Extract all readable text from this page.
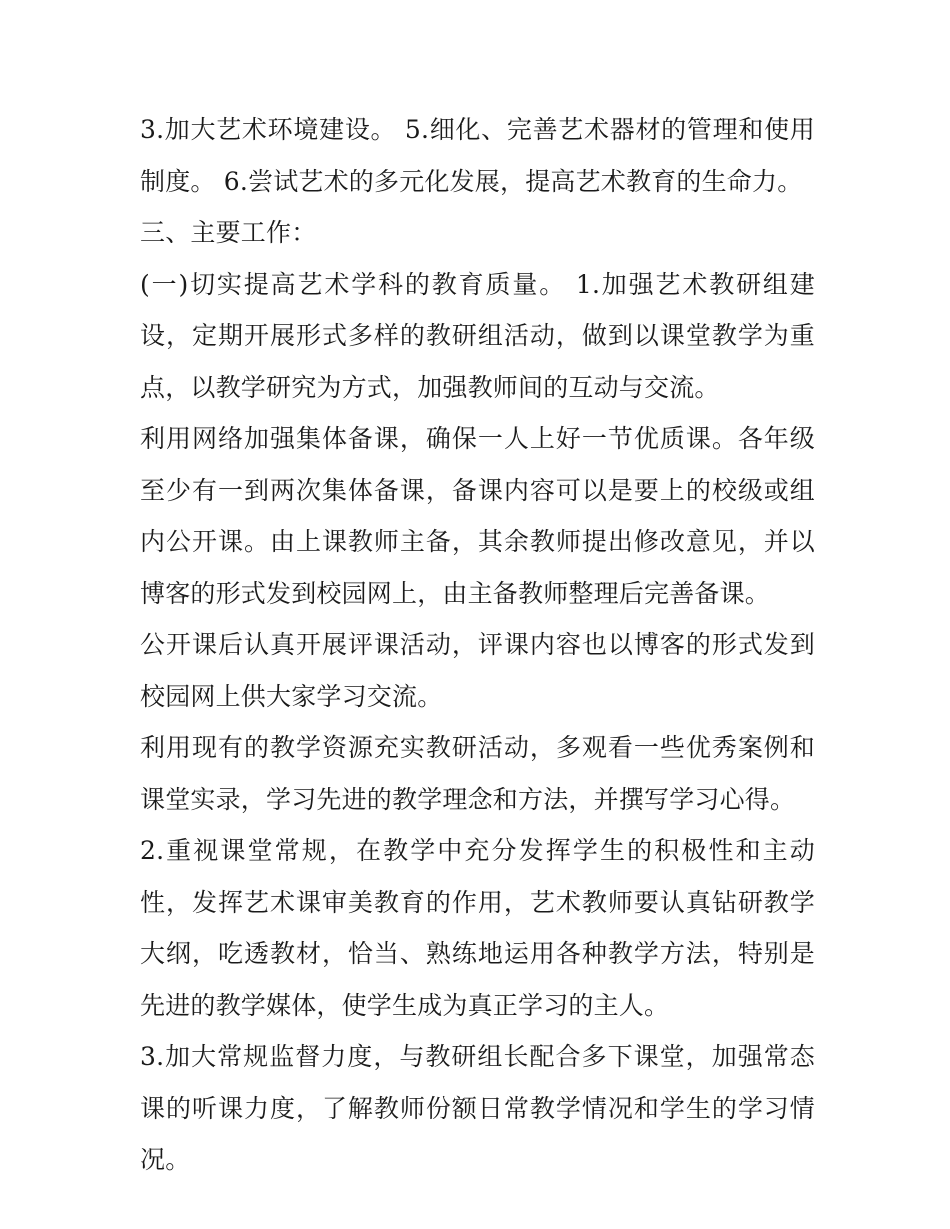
3.加大艺术环境建设。 5.细化、完善艺术器材的管理和使用制度。 6.尝试艺术的多元化发展，提高艺术教育的生命力。

三、主要工作：

(一)切实提高艺术学科的教育质量。 1.加强艺术教研组建设，定期开展形式多样的教研组活动，做到以课堂教学为重点，以教学研究为方式，加强教师间的互动与交流。

利用网络加强集体备课，确保一人上好一节优质课。各年级至少有一到两次集体备课，备课内容可以是要上的校级或组内公开课。由上课教师主备，其余教师提出修改意见，并以博客的形式发到校园网上，由主备教师整理后完善备课。

公开课后认真开展评课活动，评课内容也以博客的形式发到校园网上供大家学习交流。

利用现有的教学资源充实教研活动，多观看一些优秀案例和课堂实录，学习先进的教学理念和方法，并撰写学习心得。

2.重视课堂常规，在教学中充分发挥学生的积极性和主动性，发挥艺术课审美教育的作用，艺术教师要认真钻研教学大纲，吃透教材，恰当、熟练地运用各种教学方法，特别是先进的教学媒体，使学生成为真正学习的主人。

3.加大常规监督力度，与教研组长配合多下课堂，加强常态课的听课力度，了解教师份额日常教学情况和学生的学习情况。
